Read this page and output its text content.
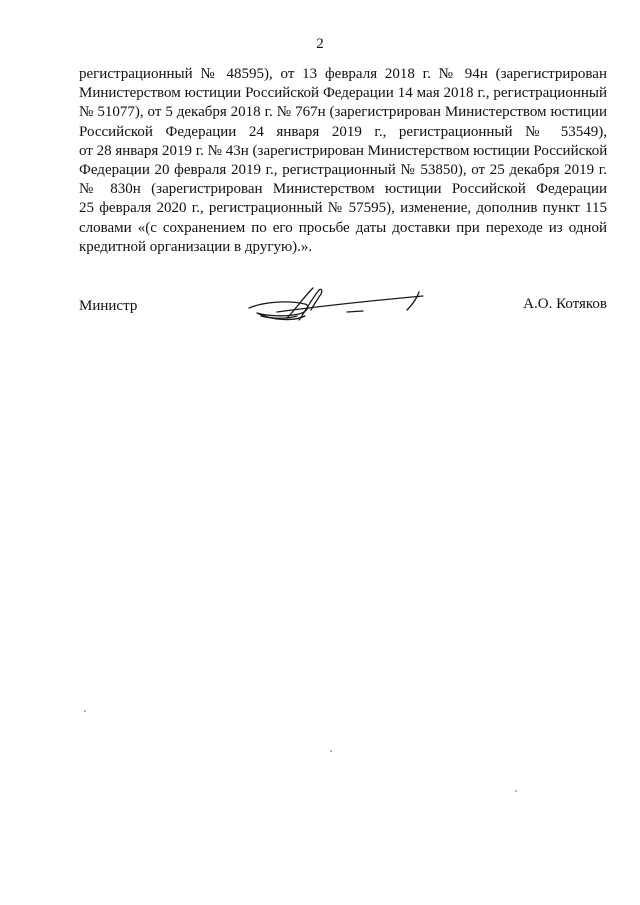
2
регистрационный № 48595), от 13 февраля 2018 г. № 94н (зарегистрирован
Министерством юстиции Российской Федерации 14 мая 2018 г., регистрационный
№ 51077), от 5 декабря 2018 г. № 767н (зарегистрирован Министерством юстиции
Российской Федерации 24 января 2019 г., регистрационный № 53549),
от 28 января 2019 г. № 43н (зарегистрирован Министерством юстиции Российской
Федерации 20 февраля 2019 г., регистрационный № 53850), от 25 декабря 2019 г.
№ 830н (зарегистрирован Министерством юстиции Российской Федерации
25 февраля 2020 г., регистрационный № 57595), изменение, дополнив пункт 115
словами «(с сохранением по его просьбе даты доставки при переходе из одной
кредитной организации в другую).».
Министр	А.О. Котяков
